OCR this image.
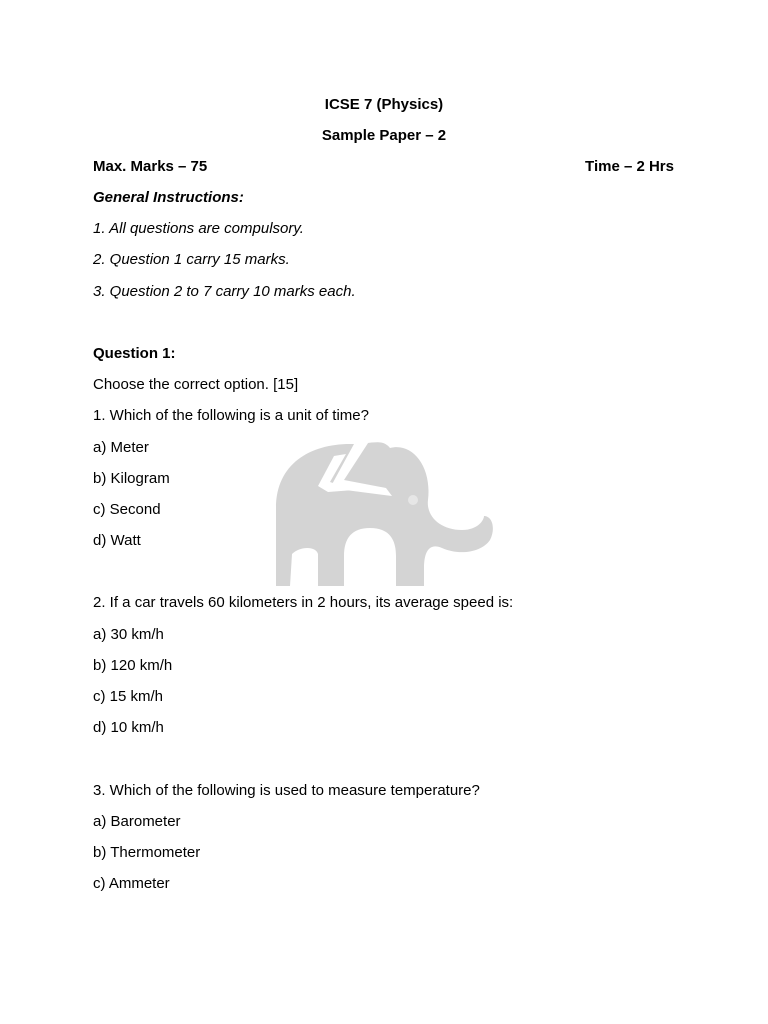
ICSE 7 (Physics)
Sample Paper – 2
Max. Marks – 75	Time – 2 Hrs
General Instructions:
1. All questions are compulsory.
2. Question 1 carry 15 marks.
3. Question 2 to 7 carry 10 marks each.
Question 1:
Choose the correct option. [15]
1. Which of the following is a unit of time?
a) Meter
b) Kilogram
c) Second
d) Watt
2. If a car travels 60 kilometers in 2 hours, its average speed is:
a) 30 km/h
b) 120 km/h
c) 15 km/h
d) 10 km/h
3. Which of the following is used to measure temperature?
a) Barometer
b) Thermometer
c) Ammeter
